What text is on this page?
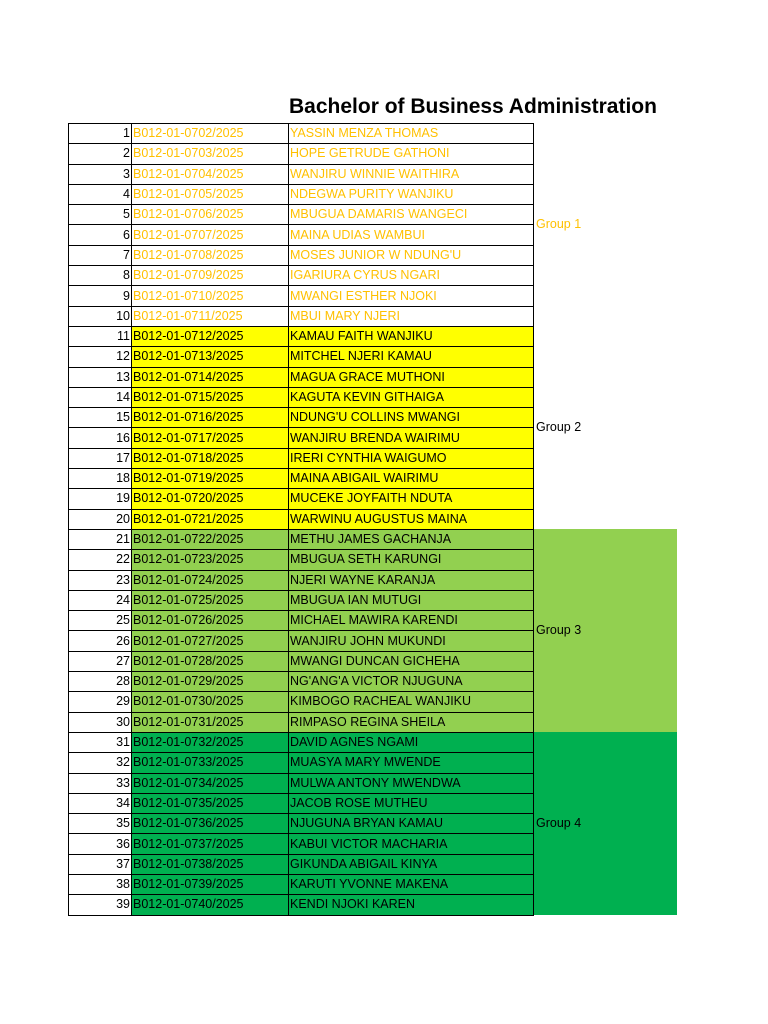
Bachelor of Business Administration
1	B012-01-0702/2025	YASSIN MENZA THOMAS	Group 1
2	B012-01-0703/2025	HOPE GETRUDE GATHONI	
3	B012-01-0704/2025	WANJIRU WINNIE WAITHIRA	
4	B012-01-0705/2025	NDEGWA PURITY WANJIKU	
5	B012-01-0706/2025	MBUGUA DAMARIS WANGECI	
6	B012-01-0707/2025	MAINA UDIAS WAMBUI	
7	B012-01-0708/2025	MOSES JUNIOR W NDUNG'U	
8	B012-01-0709/2025	IGARIURA CYRUS NGARI	
9	B012-01-0710/2025	MWANGI ESTHER NJOKI	
10	B012-01-0711/2025	MBUI MARY NJERI	
11	B012-01-0712/2025	KAMAU FAITH WANJIKU	Group 2
12	B012-01-0713/2025	MITCHEL NJERI KAMAU	
13	B012-01-0714/2025	MAGUA GRACE MUTHONI	
14	B012-01-0715/2025	KAGUTA KEVIN GITHAIGA	
15	B012-01-0716/2025	NDUNG'U COLLINS MWANGI	
16	B012-01-0717/2025	WANJIRU BRENDA WAIRIMU	
17	B012-01-0718/2025	IRERI CYNTHIA WAIGUMO	
18	B012-01-0719/2025	MAINA ABIGAIL WAIRIMU	
19	B012-01-0720/2025	MUCEKE JOYFAITH NDUTA	
20	B012-01-0721/2025	WARWINU AUGUSTUS MAINA	
21	B012-01-0722/2025	METHU JAMES GACHANJA	Group 3
22	B012-01-0723/2025	MBUGUA SETH KARUNGI	
23	B012-01-0724/2025	NJERI WAYNE KARANJA	
24	B012-01-0725/2025	MBUGUA IAN MUTUGI	
25	B012-01-0726/2025	MICHAEL MAWIRA KARENDI	
26	B012-01-0727/2025	WANJIRU JOHN MUKUNDI	
27	B012-01-0728/2025	MWANGI DUNCAN GICHEHA	
28	B012-01-0729/2025	NG'ANG'A VICTOR NJUGUNA	
29	B012-01-0730/2025	KIMBOGO RACHEAL WANJIKU	
30	B012-01-0731/2025	RIMPASO REGINA SHEILA	
31	B012-01-0732/2025	DAVID AGNES NGAMI	Group 4
32	B012-01-0733/2025	MUASYA MARY MWENDE	
33	B012-01-0734/2025	MULWA ANTONY MWENDWA	
34	B012-01-0735/2025	JACOB ROSE MUTHEU	
35	B012-01-0736/2025	NJUGUNA BRYAN KAMAU	
36	B012-01-0737/2025	KABUI VICTOR MACHARIA	
37	B012-01-0738/2025	GIKUNDA ABIGAIL KINYA	
38	B012-01-0739/2025	KARUTI YVONNE MAKENA	
39	B012-01-0740/2025	KENDI NJOKI KAREN	
